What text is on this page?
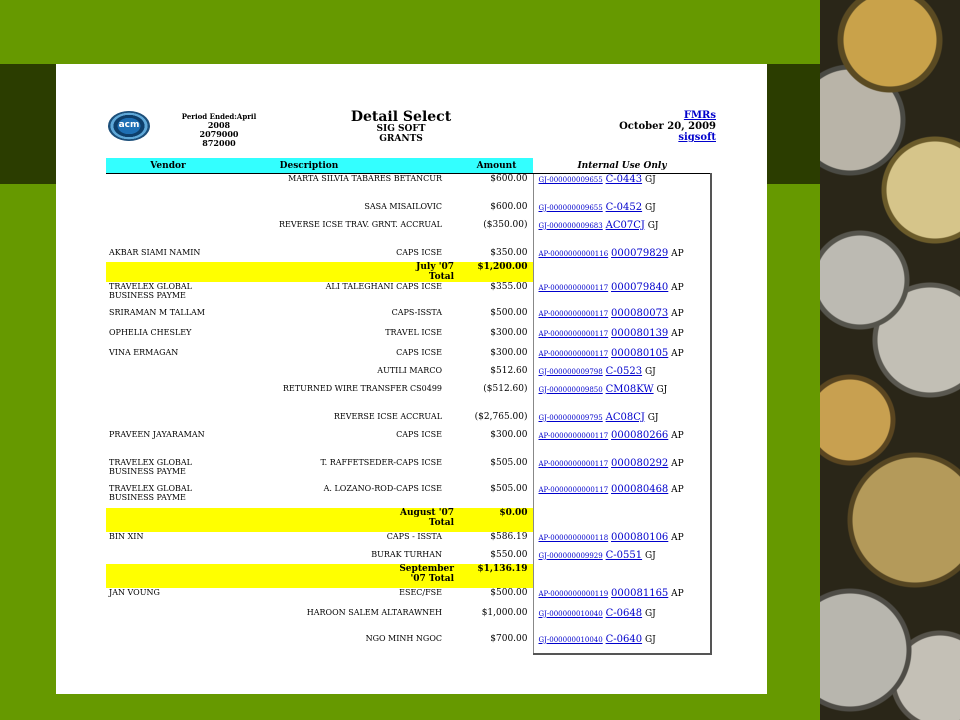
acm
Period Ended:April
2008
2079000
872000
Detail Select
SIG SOFT
GRANTS
FMRs
October 20, 2009
sigsoft
Vendor	Description		Amount	Internal Use Only
	MARTA SILVIA TABARES BETANCUR		$600.00	GJ-000000009655 C-0443 GJ
	SASA MISAILOVIC		$600.00	GJ-000000009655 C-0452 GJ
	REVERSE ICSE TRAV. GRNT. ACCRUAL		($350.00)	GJ-000000009683 AC07CJ GJ
AKBAR SIAMI NAMIN	CAPS ICSE		$350.00	AP-0000000000116 000079829 AP
		July '07 Total	$1,200.00	
TRAVELEX GLOBAL BUSINESS PAYME	ALI TALEGHANI CAPS ICSE		$355.00	AP-0000000000117 000079840 AP
SRIRAMAN M TALLAM	CAPS-ISSTA		$500.00	AP-0000000000117 000080073 AP
OPHELIA CHESLEY	TRAVEL ICSE		$300.00	AP-0000000000117 000080139 AP
VINA ERMAGAN	CAPS ICSE		$300.00	AP-0000000000117 000080105 AP
	AUTILI MARCO		$512.60	GJ-000000009798 C-0523 GJ
	RETURNED WIRE TRANSFER CS0499		($512.60)	GJ-000000009850 CM08KW GJ
	REVERSE ICSE ACCRUAL		($2,765.00)	GJ-000000009795 AC08CJ GJ
PRAVEEN JAYARAMAN	CAPS ICSE		$300.00	AP-0000000000117 000080266 AP
TRAVELEX GLOBAL BUSINESS PAYME	T. RAFFETSEDER-CAPS ICSE		$505.00	AP-0000000000117 000080292 AP
TRAVELEX GLOBAL BUSINESS PAYME	A. LOZANO-ROD-CAPS ICSE		$505.00	AP-0000000000117 000080468 AP
		August '07 Total	$0.00	
BIN XIN	CAPS - ISSTA		$586.19	AP-0000000000118 000080106 AP
	BURAK TURHAN		$550.00	GJ-000000009929 C-0551 GJ
		September '07 Total	$1,136.19	
JAN VOUNG	ESEC/FSE		$500.00	AP-0000000000119 000081165 AP
	HAROON SALEM ALTARAWNEH		$1,000.00	GJ-000000010040 C-0648 GJ
	NGO MINH NGOC		$700.00	GJ-000000010040 C-0640 GJ
